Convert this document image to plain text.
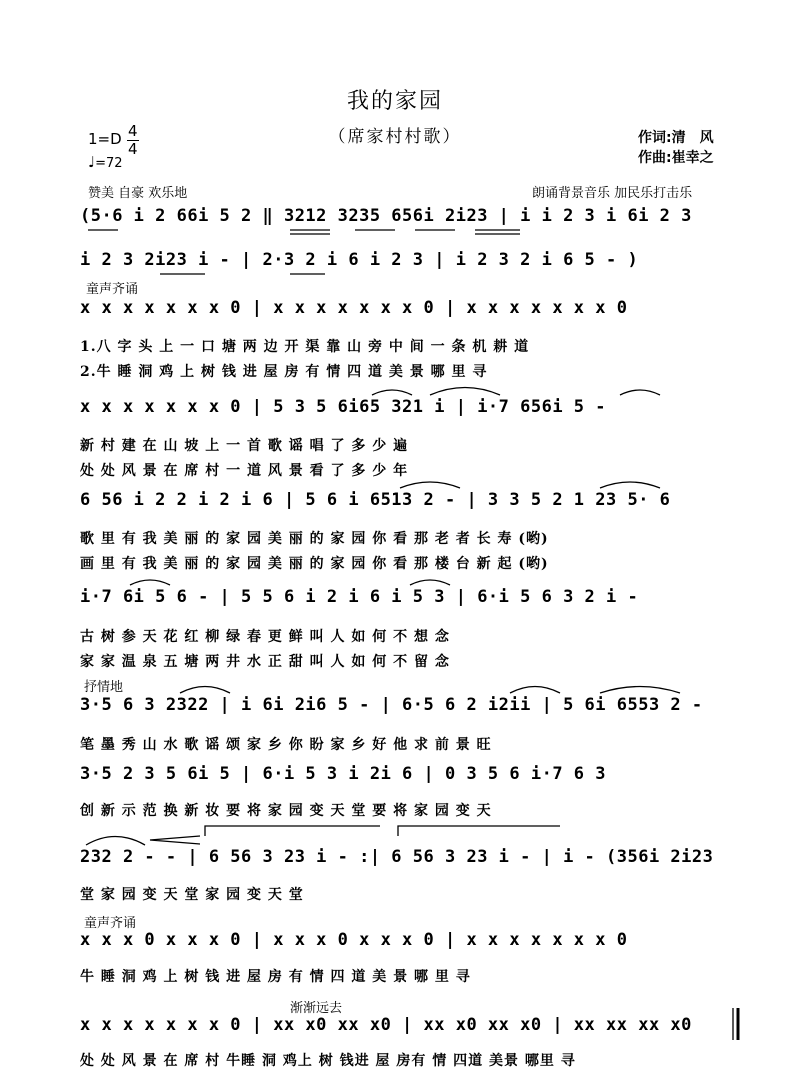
我的家园
（席家村村歌）	作词:清　风
作曲:崔幸之
1=D 4
4
♩=72
赞美 自豪 欢乐地	朗诵背景音乐 加民乐打击乐
童声齐诵
抒情地
童声齐诵
渐渐远去
(5·6 i 2 66i 5 2 ‖ 3212 3235 656i 2i23 | i i 2 3 i 6i 2 3
i 2 3 2i23 i - | 2·3 2 i 6 i 2 3 | i 2 3 2 i 6 5 - )
x x x x x x x 0 | x x x x x x x 0 | x x x x x x x 0
x x x x x x x 0 | 5 3 5 6i65 321 i | i·7 656i 5 -
6 56 i 2 2 i 2 i 6 | 5 6 i 6513 2 - | 3 3 5 2 1 23 5· 6
i·7 6i 5 6 - | 5 5 6 i 2 i 6 i 5 3 | 6·i 5 6 3 2 i -
3·5 6 3 2322 | i 6i 2i6 5 - | 6·5 6 2 i2ii | 5 6i 6553 2 -
3·5 2 3 5 6i 5 | 6·i 5 3 i 2i 6 | 0 3 5 6 i·7 6 3
232 2 - - | 6 56 3 23 i - :| 6 56 3 23 i - | i - (356i 2i23
x x x 0 x x x 0 | x x x 0 x x x 0 | x x x x x x x 0
x x x x x x x 0 | xx x0 xx x0 | xx x0 xx x0 | xx xx xx x0
1.八 字 头 上 一 口 塘 两 边 开 渠 靠 山 旁 中 间 一 条 机 耕 道
2.牛 睡 洞 鸡 上 树 钱 进 屋 房 有 情 四 道 美 景 哪 里 寻
新 村 建 在 山 坡 上 一 首 歌 谣 唱 了 多 少 遍
处 处 风 景 在 席 村 一 道 风 景 看 了 多 少 年
歌 里 有 我 美 丽 的 家 园 美 丽 的 家 园 你 看 那 老 者 长 寿 (哟)
画 里 有 我 美 丽 的 家 园 美 丽 的 家 园 你 看 那 楼 台 新 起 (哟)
古 树 参 天 花 红 柳 绿 春 更 鲜 叫 人 如 何 不 想 念
家 家 温 泉 五 塘 两 井 水 正 甜 叫 人 如 何 不 留 念
笔 墨 秀 山 水 歌 谣 颂 家 乡 你 盼 家 乡 好 他 求 前 景 旺
创 新 示 范 换 新 妆 要 将 家 园 变 天 堂 要 将 家 园 变 天
堂 家 园 变 天 堂 家 园 变 天 堂
牛 睡 洞 鸡 上 树 钱 进 屋 房 有 情 四 道 美 景 哪 里 寻
处 处 风 景 在 席 村 牛睡 洞 鸡上 树 钱进 屋 房有 情 四道 美景 哪里 寻
